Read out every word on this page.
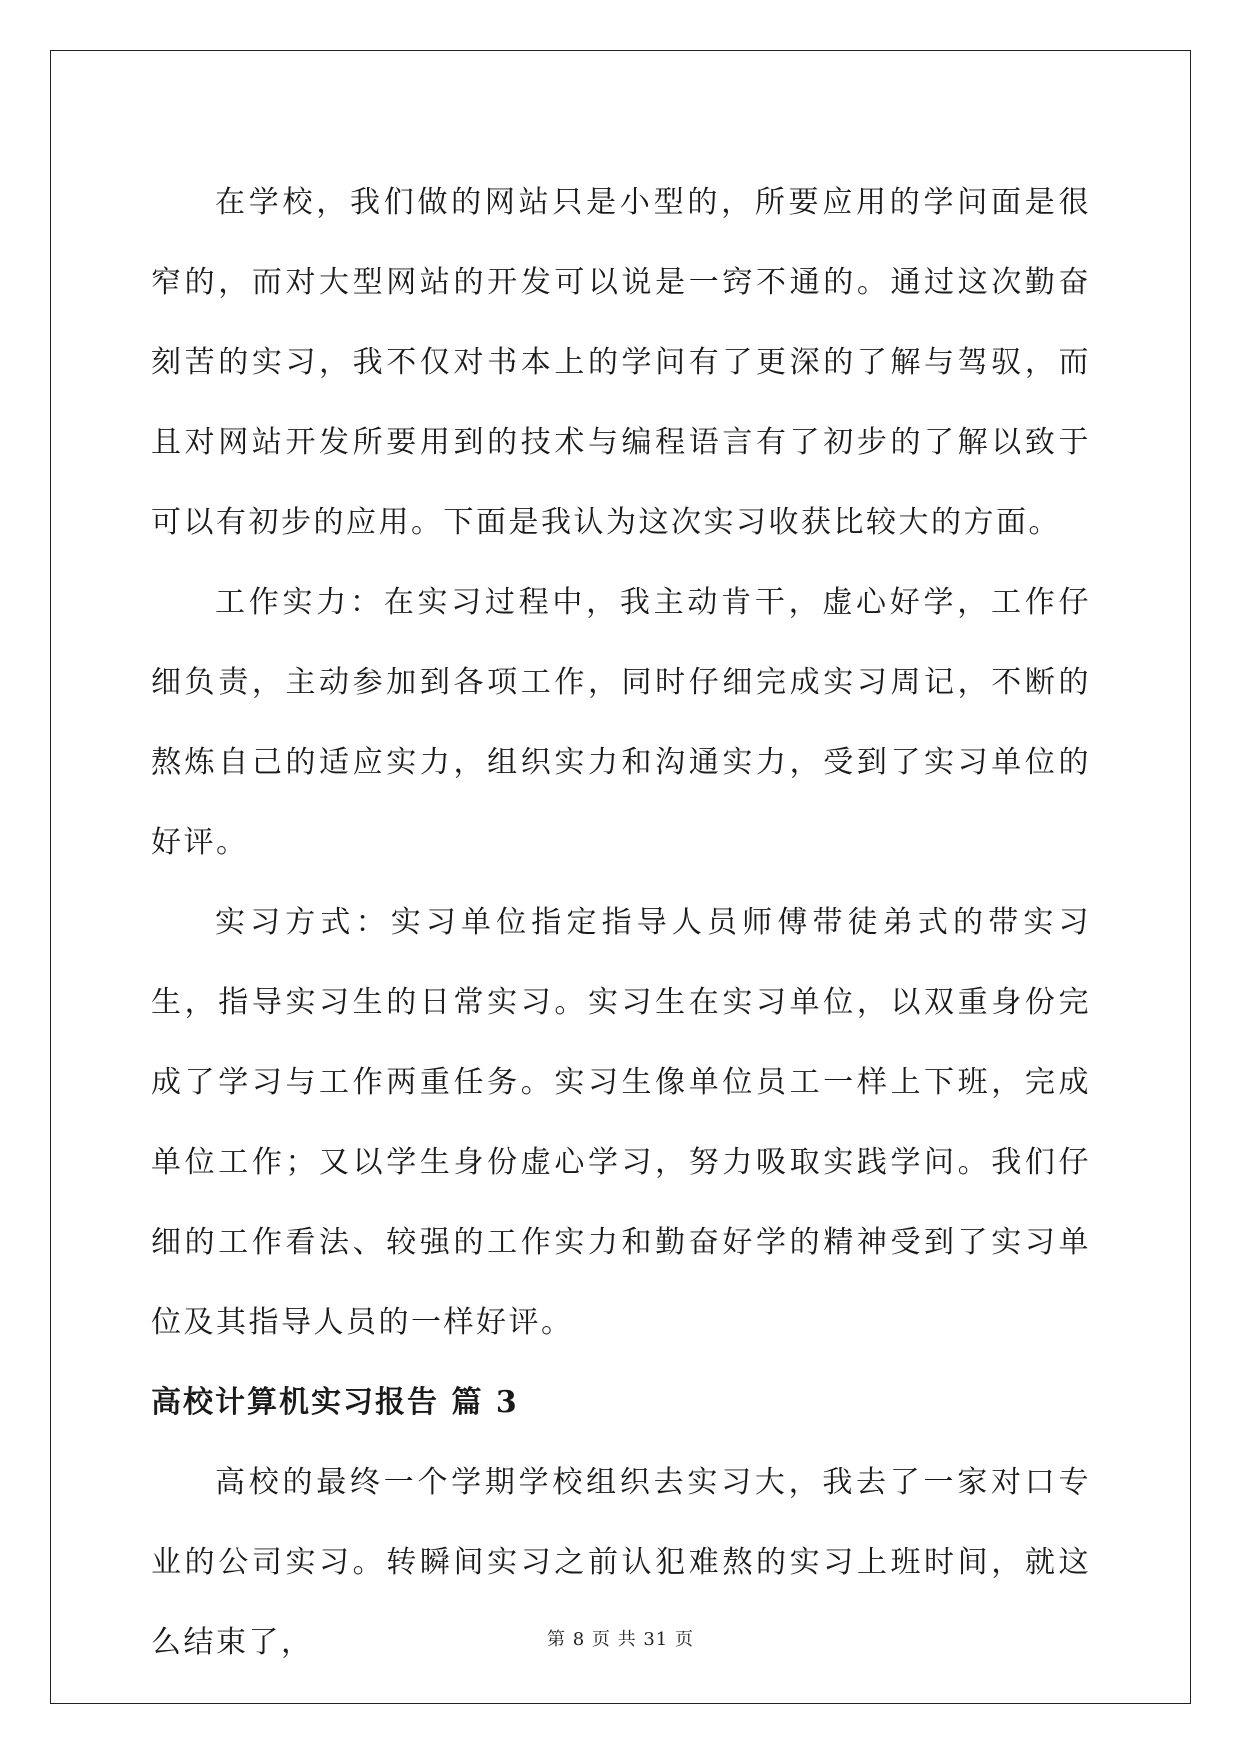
在学校，我们做的网站只是小型的，所要应用的学问面是很窄的，而对大型网站的开发可以说是一窍不通的。通过这次勤奋刻苦的实习，我不仅对书本上的学问有了更深的了解与驾驭，而且对网站开发所要用到的技术与编程语言有了初步的了解以致于可以有初步的应用。下面是我认为这次实习收获比较大的方面。

工作实力：在实习过程中，我主动肯干，虚心好学，工作仔细负责，主动参加到各项工作，同时仔细完成实习周记，不断的熬炼自己的适应实力，组织实力和沟通实力，受到了实习单位的好评。

实习方式：实习单位指定指导人员师傅带徒弟式的带实习生，指导实习生的日常实习。实习生在实习单位，以双重身份完成了学习与工作两重任务。实习生像单位员工一样上下班，完成单位工作；又以学生身份虚心学习，努力吸取实践学问。我们仔细的工作看法、较强的工作实力和勤奋好学的精神受到了实习单位及其指导人员的一样好评。

高校计算机实习报告 篇 3

高校的最终一个学期学校组织去实习大，我去了一家对口专业的公司实习。转瞬间实习之前认犯难熬的实习上班时间，就这么结束了，	第 8 页 共 31 页
